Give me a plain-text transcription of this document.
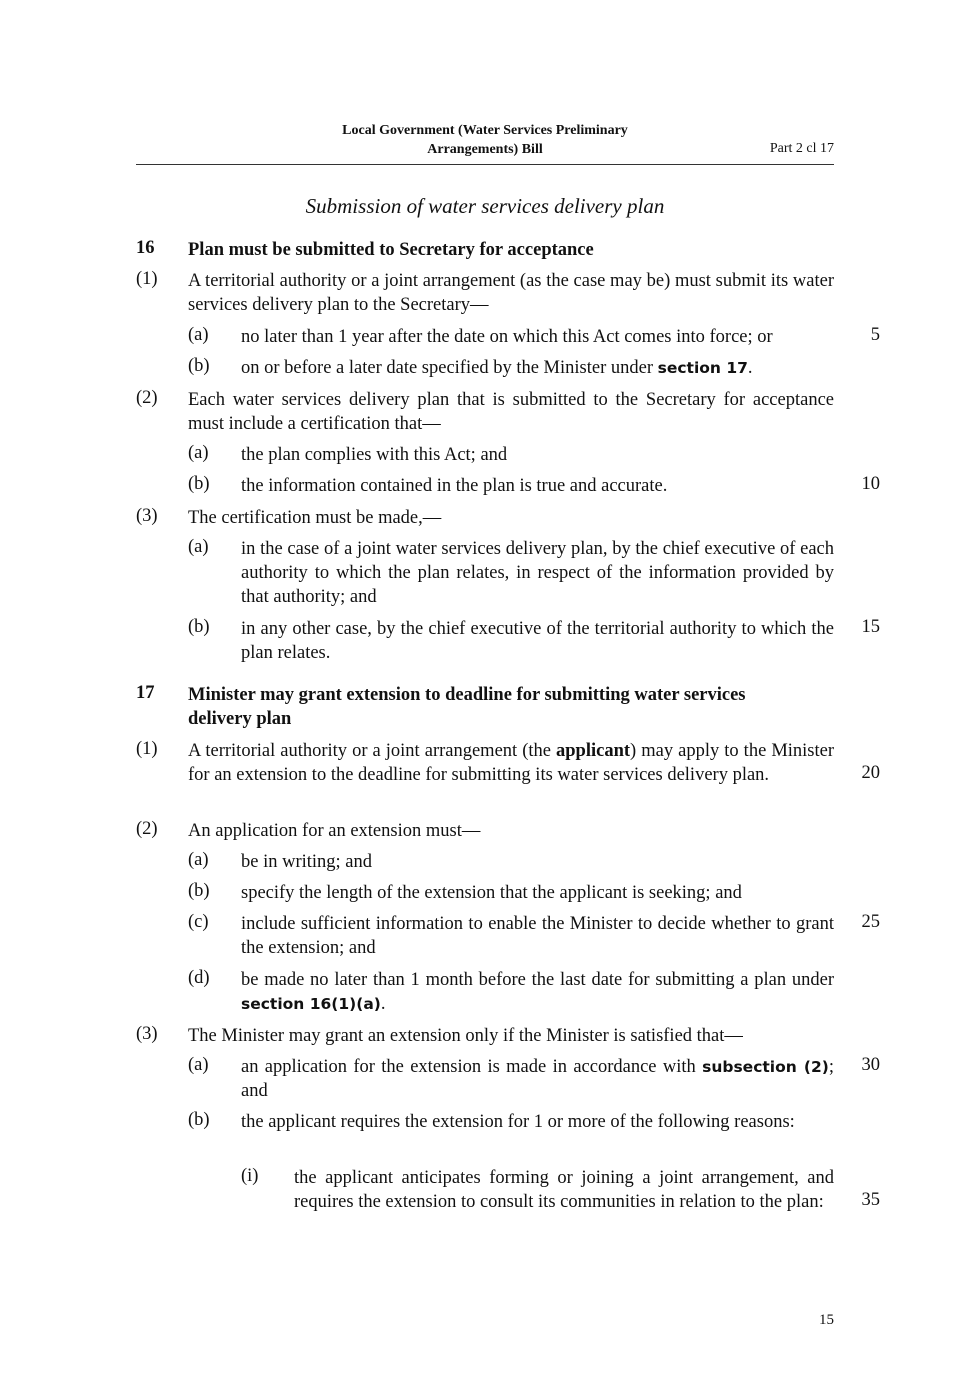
Local Government (Water Services Preliminary
Arrangements) Bill	Part 2 cl 17
Submission of water services delivery plan
16 Plan must be submitted to Secretary for acceptance
(1) A territorial authority or a joint arrangement (as the case may be) must submit its water services delivery plan to the Secretary—
(a) no later than 1 year after the date on which this Act comes into force; or	5
(b) on or before a later date specified by the Minister under section 17.
(2) Each water services delivery plan that is submitted to the Secretary for acceptance must include a certification that—
(a) the plan complies with this Act; and
(b) the information contained in the plan is true and accurate.	10
(3) The certification must be made,—
(a) in the case of a joint water services delivery plan, by the chief executive of each authority to which the plan relates, in respect of the information provided by that authority; and
(b) in any other case, by the chief executive of the territorial authority to which the plan relates.
15
17 Minister may grant extension to deadline for submitting water services delivery plan
(1) A territorial authority or a joint arrangement (the applicant) may apply to the Minister for an extension to the deadline for submitting its water services delivery plan.	20
(2) An application for an extension must—
(a) be in writing; and
(b) specify the length of the extension that the applicant is seeking; and
(c) include sufficient information to enable the Minister to decide whether to grant the extension; and
25
(d) be made no later than 1 month before the last date for submitting a plan under section 16(1)(a).
(3) The Minister may grant an extension only if the Minister is satisfied that—
(a) an application for the extension is made in accordance with subsection (2); and
30
(b) the applicant requires the extension for 1 or more of the following reasons:
(i) the applicant anticipates forming or joining a joint arrangement, and requires the extension to consult its communities in relation to the plan:	35
15
